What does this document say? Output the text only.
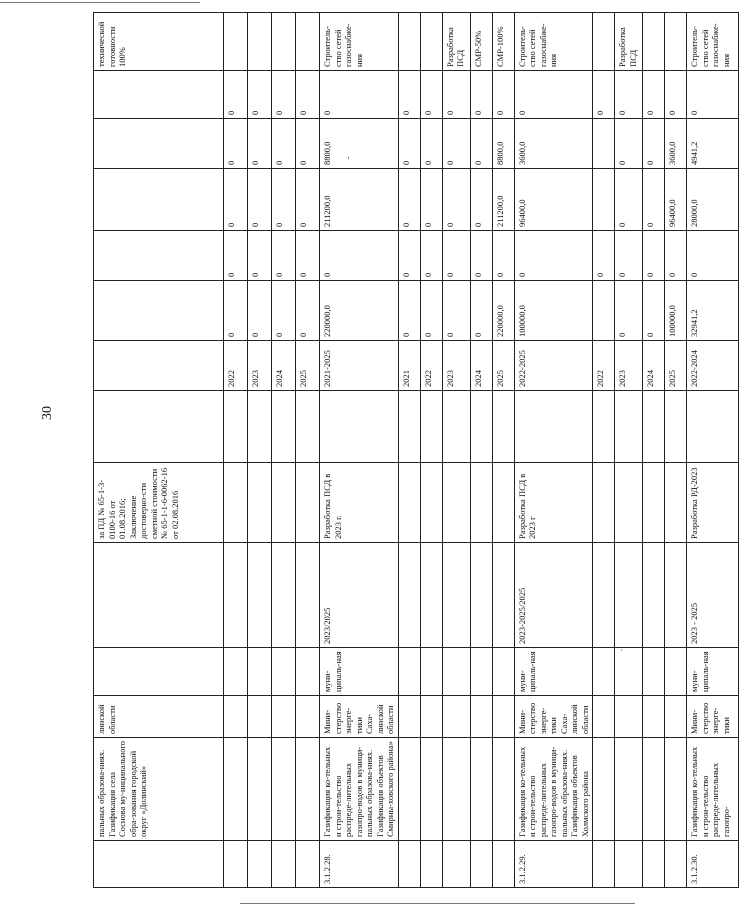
‚
·
30
	пальных образова-ниях. Газификация села Соснова му-ниципального обра-зования городской округ «Долинский»	линской области			за ПД № 65-1-3-0100-16 от 01.08.2016; Заключение достоверно-сти сметной стоимости № 65-1-1-6-0062-16 от 02.08.2016								технической готовности 100%
							2022	0	0	0	0	0	
							2023	0	0	0	0	0	
							2024	0	0	0	0	0	
							2025	0	0	0	0	0	
3.1.2.28.	Газификация ко-тельных и строи-тельство распреде-лительных газопро-водов в муници-пальных образова-ниях. Газификация объектов Смирны-ховского района»	Мини-стерство энерге-тики Саха-линской области	муни-ципаль-ная	2023/2025	Разработка ПСД в 2023 г.		2021-2025	220000,0	0	211200,0	8800,0	0	Строитель-ство сетей газоснабже-ния
							2021	0	0	0	0	0	
							2022	0	0	0	0	0	
							2023	0	0	0	0	0	Разработка ПСД
							2024	0	0	0	0	0	СМР-50%
							2025	220000,0	0	211200,0	8800,0	0	СМР-100%
3.1.2.29.	Газификация ко-тельных и строи-тельство распреде-лительных газопро-водов в муници-пальных образова-ниях. Газификация объектов Холмского района	Мини-стерство энерге-тики Саха-линской области	муни-ципаль-ная	2023-2025/2025	Разработка ПСД в 2023 г		2022-2025	100000,0	0	96400,0	3600,0	0	Строитель-ство сетей газоснабже-ния
							2022		0			0	
							2023	0	0	0	0	0	Разработка ПСД
							2024	0	0	0	0	0	
							2025	100000,0	0	96400,0	3600,0	0	
3.1.2.30.	Газификация ко-тельных и строи-тельство распреде-лительных газопро-	Мини-стерство энерге-тики	муни-ципаль-ная	2023 - 2025	Разработка РД-2023		2022-2024	32941,2	0	28000,0	4941,2	0	Строитель-ство сетей газоснабже-ния
